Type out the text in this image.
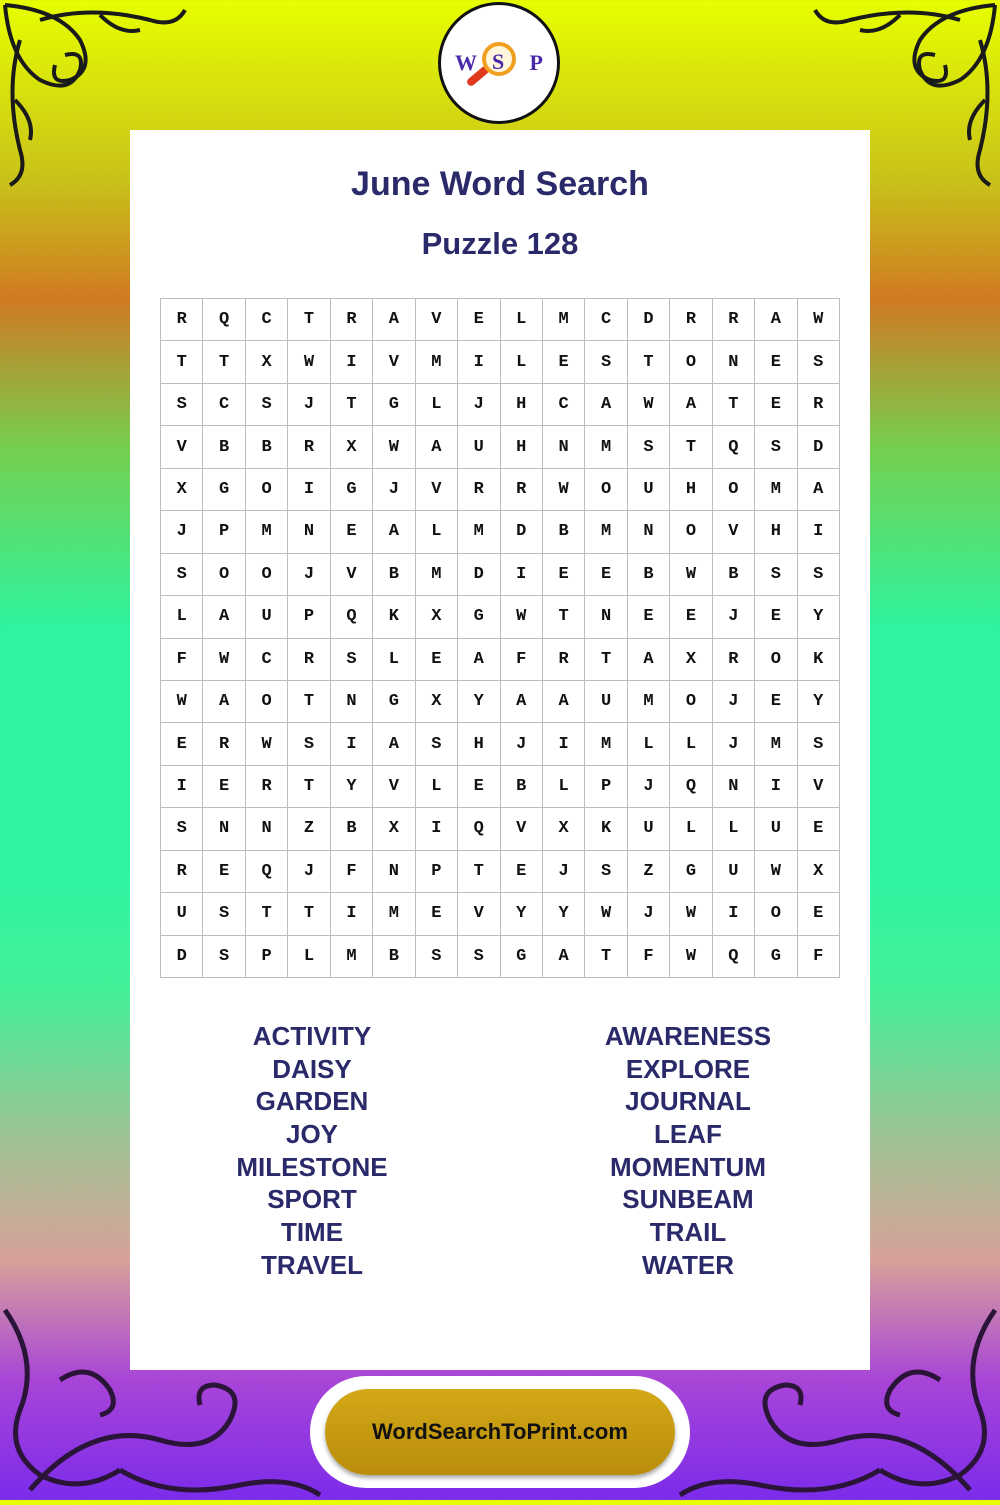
W S P
June Word Search
Puzzle 128
R	Q	C	T	R	A	V	E	L	M	C	D	R	R	A	W
T	T	X	W	I	V	M	I	L	E	S	T	O	N	E	S
S	C	S	J	T	G	L	J	H	C	A	W	A	T	E	R
V	B	B	R	X	W	A	U	H	N	M	S	T	Q	S	D
X	G	O	I	G	J	V	R	R	W	O	U	H	O	M	A
J	P	M	N	E	A	L	M	D	B	M	N	O	V	H	I
S	O	O	J	V	B	M	D	I	E	E	B	W	B	S	S
L	A	U	P	Q	K	X	G	W	T	N	E	E	J	E	Y
F	W	C	R	S	L	E	A	F	R	T	A	X	R	O	K
W	A	O	T	N	G	X	Y	A	A	U	M	O	J	E	Y
E	R	W	S	I	A	S	H	J	I	M	L	L	J	M	S
I	E	R	T	Y	V	L	E	B	L	P	J	Q	N	I	V
S	N	N	Z	B	X	I	Q	V	X	K	U	L	L	U	E
R	E	Q	J	F	N	P	T	E	J	S	Z	G	U	W	X
U	S	T	T	I	M	E	V	Y	Y	W	J	W	I	O	E
D	S	P	L	M	B	S	S	G	A	T	F	W	Q	G	F
ACTIVITY
DAISY
GARDEN
JOY
MILESTONE
SPORT
TIME
TRAVEL
AWARENESS
EXPLORE
JOURNAL
LEAF
MOMENTUM
SUNBEAM
TRAIL
WATER
WordSearchToPrint.com
